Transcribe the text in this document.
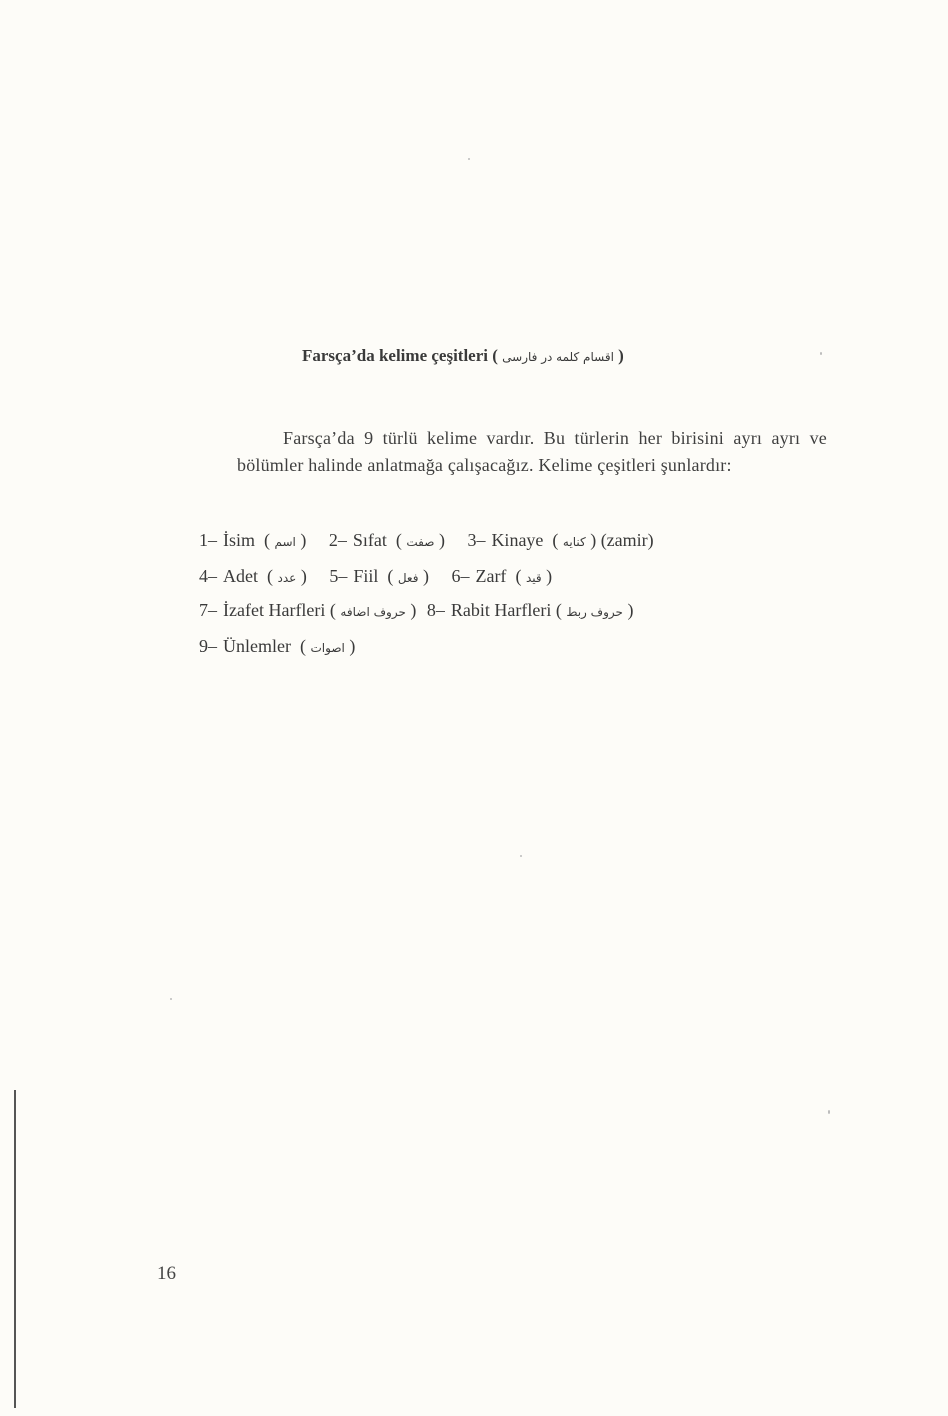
Farsça’da kelime çeşitleri ( اقسام کلمه در فارسی )
Farsça’da 9 türlü kelime vardır. Bu türlerin her birisini ayrı ayrı ve bölümler halinde anlatmağa çalışacağız. Kelime çeşitleri şunlardır:
1– İsim  ( اسم ) 2– Sıfat  ( صفت ) 3– Kinaye  ( کنایه ) (zamir)
4– Adet  ( عدد ) 5– Fiil  ( فعل ) 6– Zarf  ( قید )
7– İzafet Harfleri ( حروف اضافه ) 8– Rabit Harfleri ( حروف ربط )
9– Ünlemler  ( اصوات )
16
